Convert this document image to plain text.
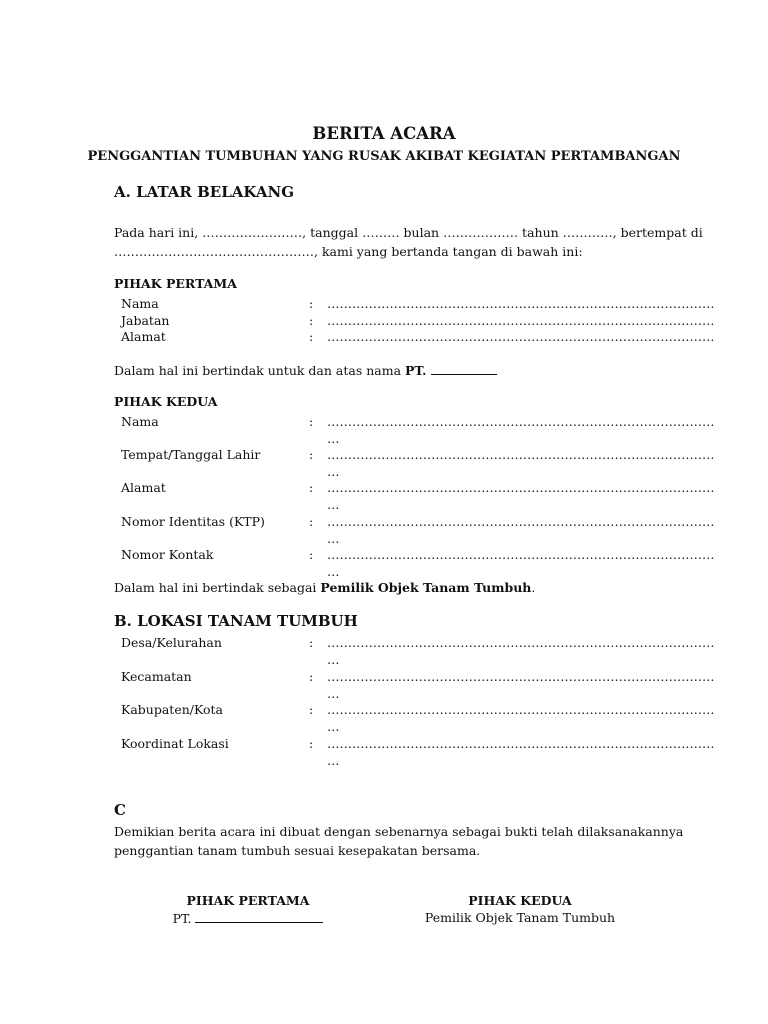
BERITA ACARA
PENGGANTIAN TUMBUHAN YANG RUSAK AKIBAT KEGIATAN PERTAMBANGAN
A. LATAR BELAKANG
Pada hari ini, ……………………, tanggal ……… bulan ……………… tahun …………, bertempat di
…………………………………………, kami yang bertanda tangan di bawah ini:
PIHAK PERTAMA
Nama	: …………………………………………………………………………………
Jabatan	: …………………………………………………………………………………
Alamat	: …………………………………………………………………………………
Dalam hal ini bertindak untuk dan atas nama PT.
PIHAK KEDUA
Nama	: …………………………………………………………………………………
…
Tempat/Tanggal Lahir	: …………………………………………………………………………………
…
Alamat	: …………………………………………………………………………………
…
Nomor Identitas (KTP)	: …………………………………………………………………………………
…
Nomor Kontak	: …………………………………………………………………………………
…
Dalam hal ini bertindak sebagai Pemilik Objek Tanam Tumbuh.
B. LOKASI TANAM TUMBUH
Desa/Kelurahan	: …………………………………………………………………………………
…
Kecamatan	: …………………………………………………………………………………
…
Kabupaten/Kota	: …………………………………………………………………………………
…
Koordinat Lokasi	: …………………………………………………………………………………
…
C
Demikian berita acara ini dibuat dengan sebenarnya sebagai bukti telah dilaksanakannya
penggantian tanam tumbuh sesuai kesepakatan bersama.
PIHAK PERTAMA
PT.
PIHAK KEDUA
Pemilik Objek Tanam Tumbuh
